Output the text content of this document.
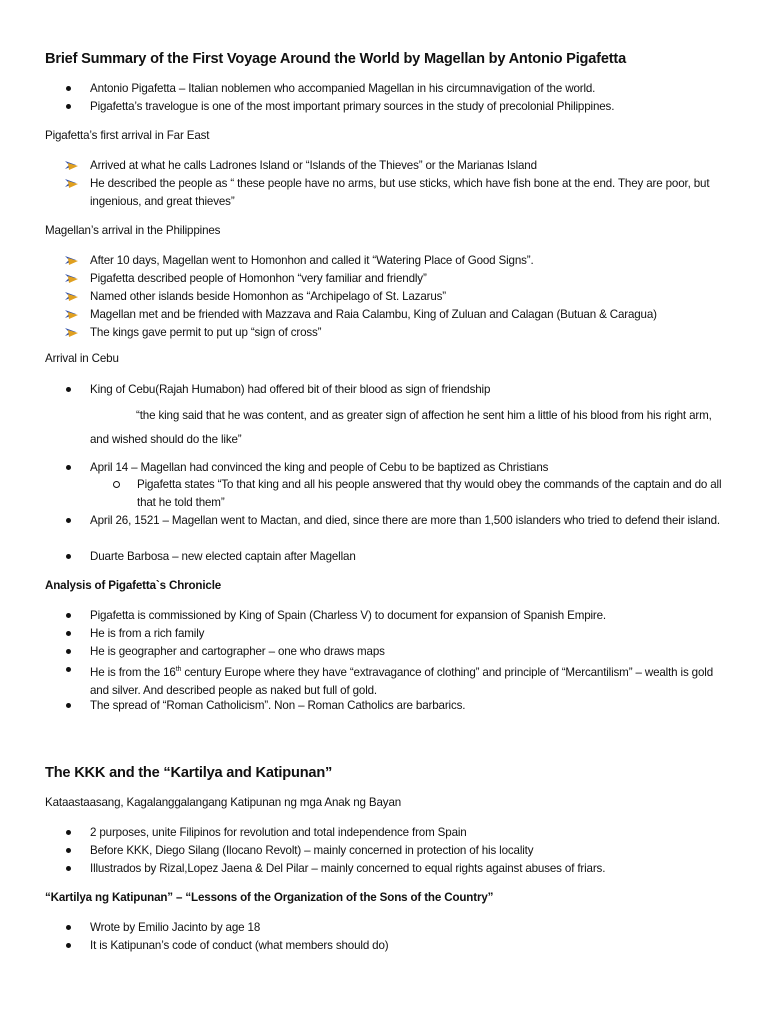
Brief Summary of the First Voyage Around the World by Magellan by Antonio Pigafetta
Antonio Pigafetta – Italian noblemen who accompanied Magellan in his circumnavigation of the world.
Pigafetta’s travelogue is one of the most important primary sources in the study of precolonial Philippines.
Pigafetta’s first arrival in Far East
Arrived at what he calls Ladrones Island or “Islands of the Thieves” or the Marianas Island
He described the people as “ these people have no arms, but use sticks, which have fish bone at the end. They are poor, but ingenious, and great thieves”
Magellan’s arrival in the Philippines
After 10 days, Magellan went to Homonhon and called it “Watering Place of Good Signs”.
Pigafetta described people of Homonhon “very familiar and friendly”
Named other islands beside Homonhon as “Archipelago of St. Lazarus”
Magellan met and be friended with Mazzava and Raia Calambu, King of Zuluan and Calagan (Butuan & Caragua)
The kings gave permit to put up “sign of cross”
Arrival in Cebu
King of Cebu(Rajah Humabon) had offered bit of their blood as sign of friendship
“the king said that he was content, and as greater sign of affection he sent him a little of his blood from his right arm, and wished should do the like”
April 14 – Magellan had convinced the king and people of Cebu to be baptized as Christians
Pigafetta states “To that king and all his people answered that thy would obey the commands of the captain and do all that he told them”
April 26, 1521 – Magellan went to Mactan, and died, since there are more than 1,500 islanders who tried to defend their island.
Duarte Barbosa – new elected captain after Magellan
Analysis of Pigafetta`s Chronicle
Pigafetta is commissioned by King of Spain (Charless V) to document for expansion of Spanish Empire.
He is from a rich family
He is geographer and cartographer – one who draws maps
He is from the 16th century Europe where they have “extravagance of clothing” and principle of “Mercantilism” – wealth is gold and silver. And described people as naked but full of gold.
The spread of “Roman Catholicism”. Non – Roman Catholics are barbarics.
The KKK and the “Kartilya and Katipunan”
Kataastaasang, Kagalanggalangang Katipunan ng mga Anak ng Bayan
2 purposes, unite Filipinos for revolution and total independence from Spain
Before KKK, Diego Silang (Ilocano Revolt) – mainly concerned in protection of his locality
Illustrados by Rizal,Lopez Jaena & Del Pilar – mainly concerned to equal rights against abuses of friars.
“Kartilya ng Katipunan” – “Lessons of the Organization of the Sons of the Country”
Wrote by Emilio Jacinto by age 18
It is Katipunan’s code of conduct (what members should do)
